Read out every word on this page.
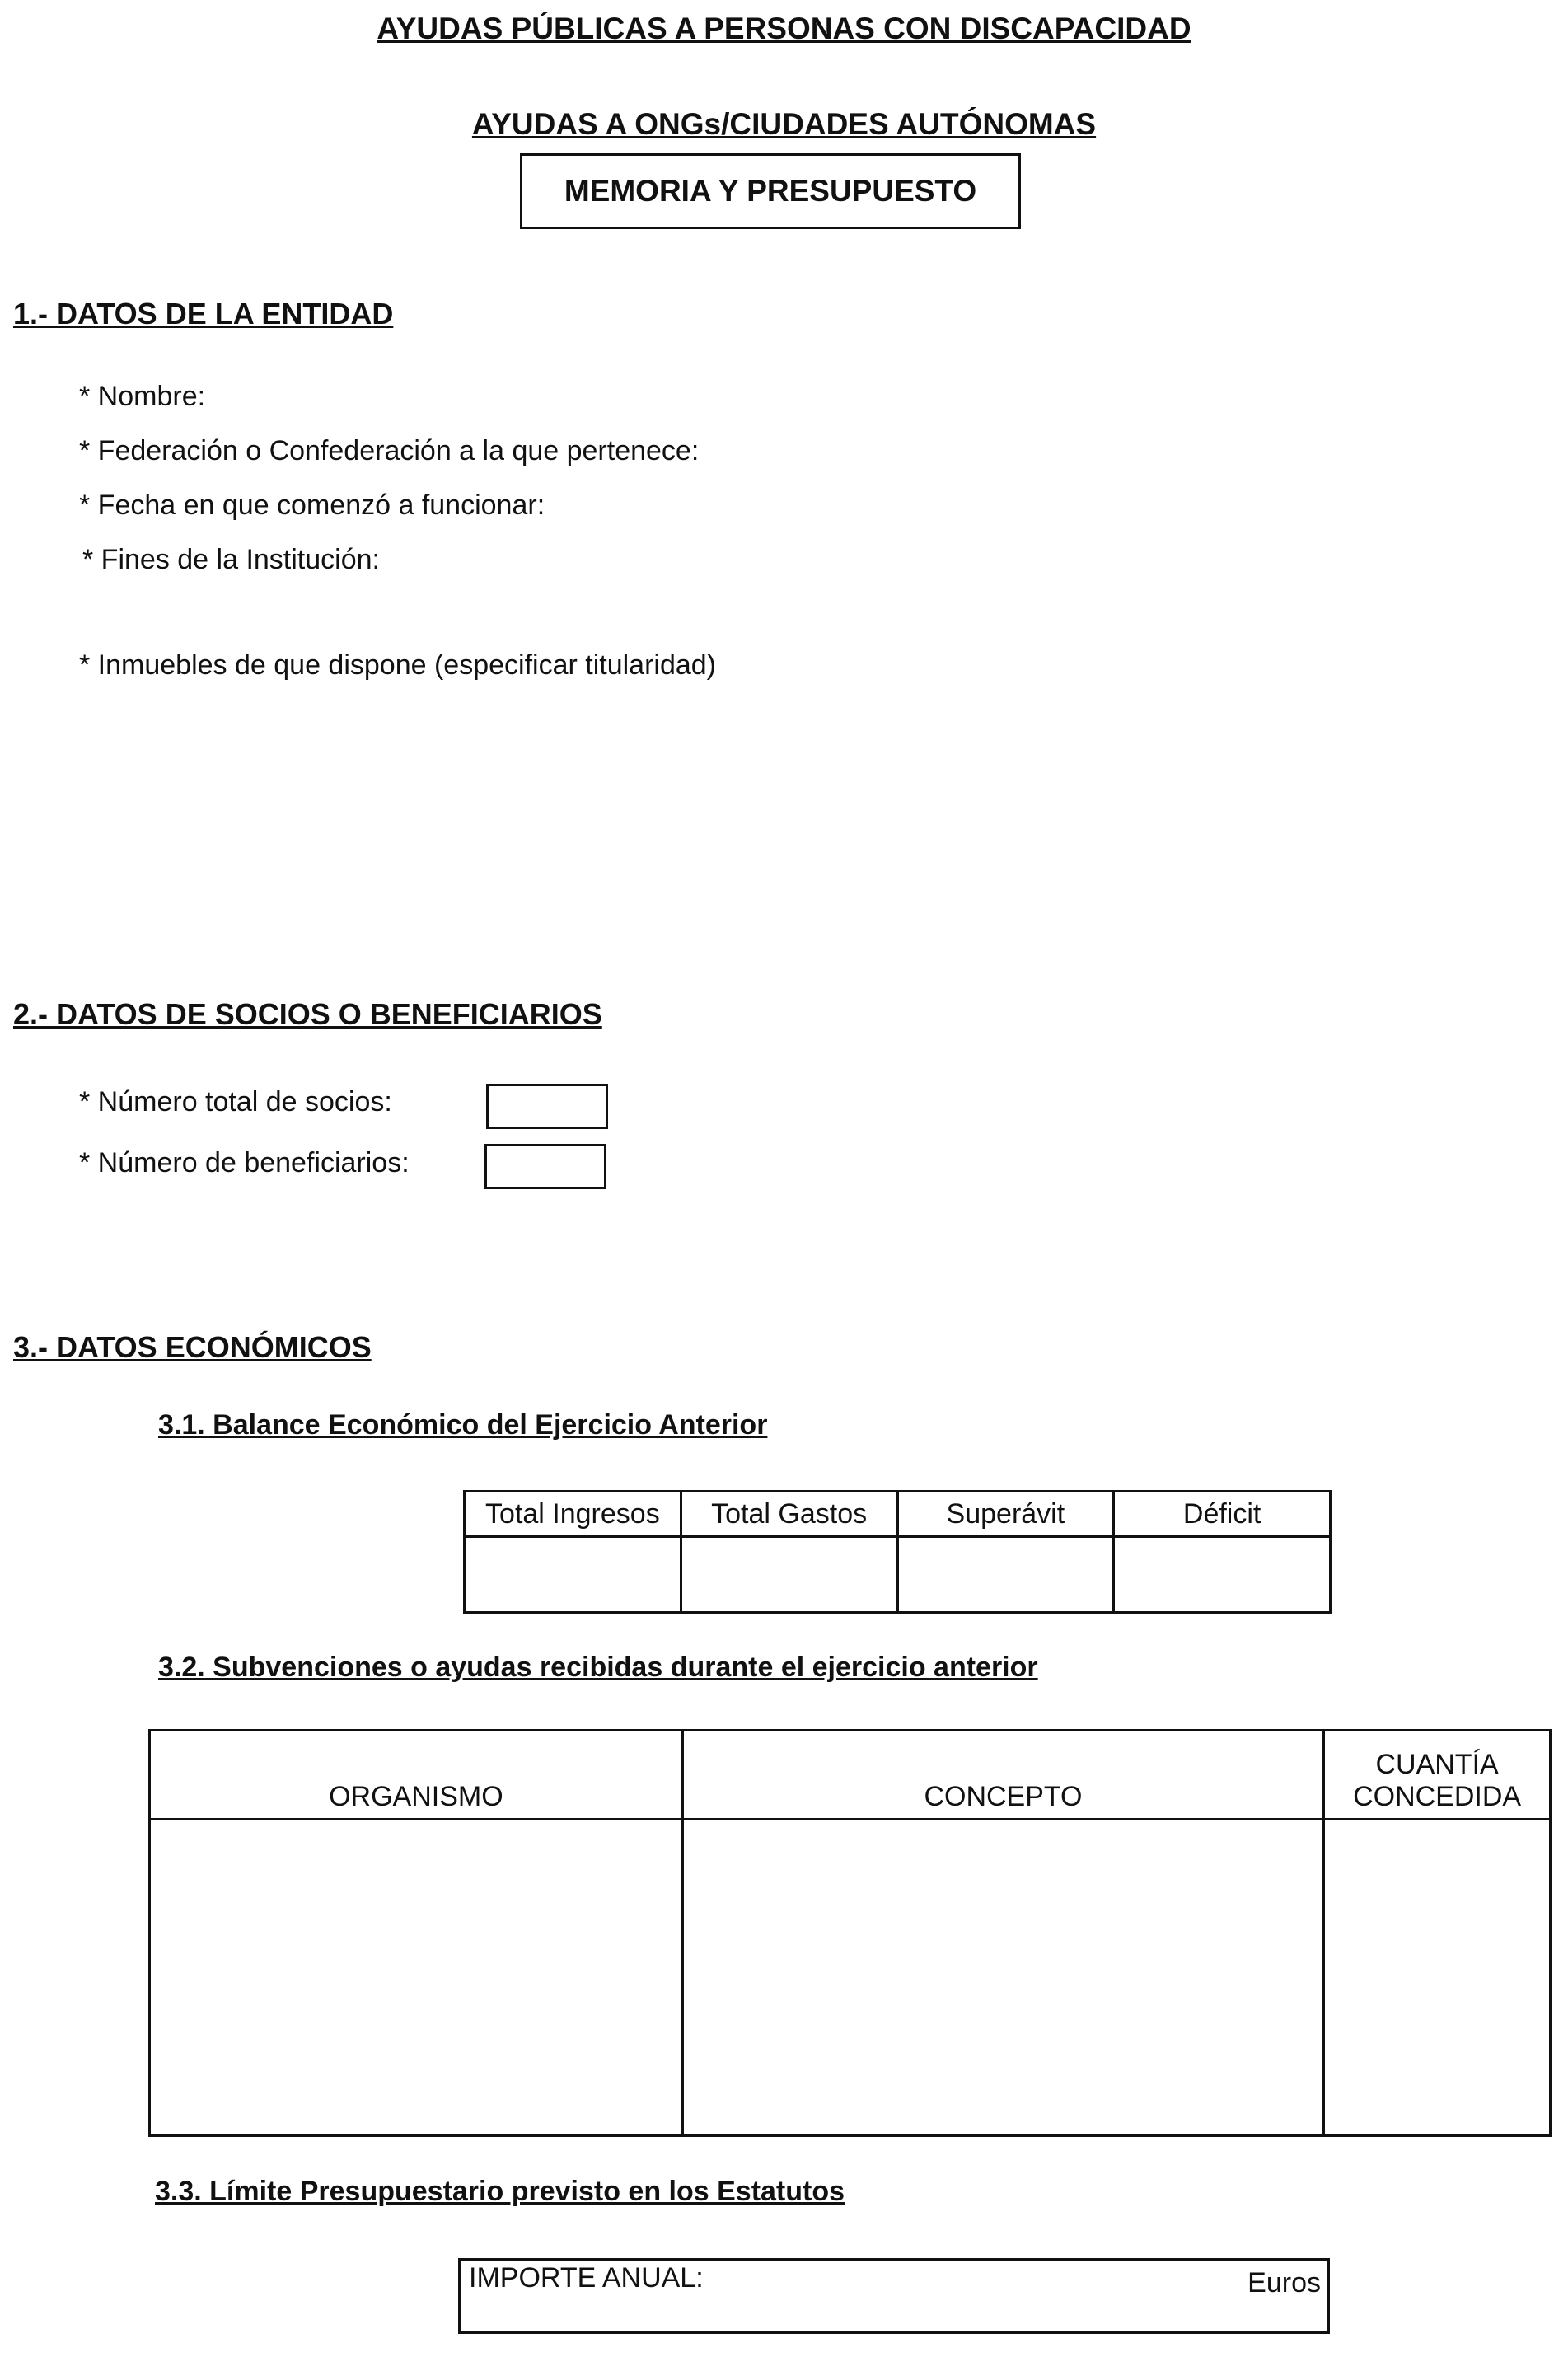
AYUDAS PÚBLICAS A PERSONAS CON DISCAPACIDAD
AYUDAS A ONGs/CIUDADES AUTÓNOMAS
MEMORIA Y PRESUPUESTO
1.- DATOS DE LA ENTIDAD
* Nombre:
* Federación o Confederación a la que pertenece:
* Fecha en que comenzó a funcionar:
* Fines de la Institución:
* Inmuebles de que dispone (especificar titularidad)
2.- DATOS DE SOCIOS O BENEFICIARIOS
* Número total de socios:
* Número de beneficiarios:
3.- DATOS ECONÓMICOS
3.1. Balance Económico del Ejercicio Anterior
Total Ingresos	Total Gastos	Superávit	Déficit

3.2. Subvenciones o ayudas recibidas durante el ejercicio anterior
ORGANISMO	CONCEPTO	CUANTÍA CONCEDIDA

3.3. Límite Presupuestario previsto en los Estatutos
IMPORTE ANUAL:	Euros
